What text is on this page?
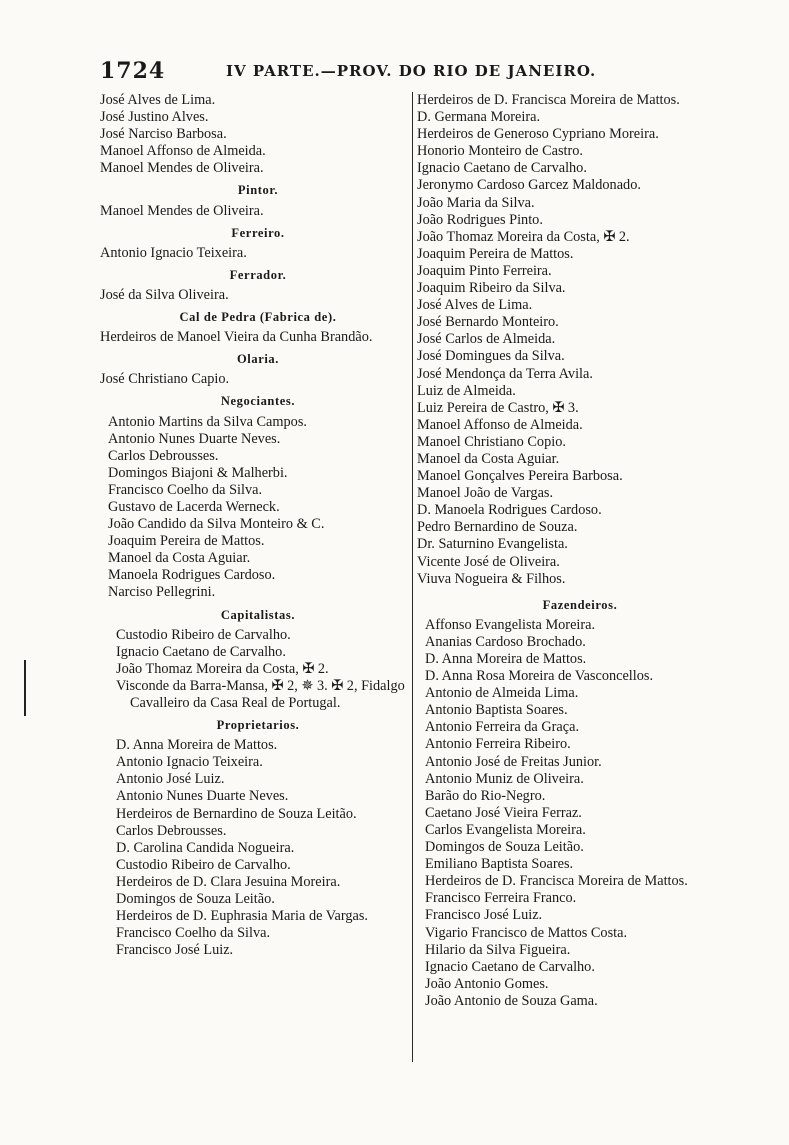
1724	IV PARTE.—PROV. DO RIO DE JANEIRO.
José Alves de Lima.
José Justino Alves.
José Narciso Barbosa.
Manoel Affonso de Almeida.
Manoel Mendes de Oliveira.
Pintor.
Manoel Mendes de Oliveira.
Ferreiro.
Antonio Ignacio Teixeira.
Ferrador.
José da Silva Oliveira.
Cal de Pedra (Fabrica de).
Herdeiros de Manoel Vieira da Cunha Brandão.
Olaria.
José Christiano Capio.
Negociantes.
Antonio Martins da Silva Campos.
Antonio Nunes Duarte Neves.
Carlos Debrousses.
Domingos Biajoni & Malherbi.
Francisco Coelho da Silva.
Gustavo de Lacerda Werneck.
João Candido da Silva Monteiro & C.
Joaquim Pereira de Mattos.
Manoel da Costa Aguiar.
Manoela Rodrigues Cardoso.
Narciso Pellegrini.
Capitalistas.
Custodio Ribeiro de Carvalho.
Ignacio Caetano de Carvalho.
João Thomaz Moreira da Costa, ✠ 2.
Visconde da Barra-Mansa, ✠ 2, ✵ 3. ✠ 2, Fidalgo Cavalleiro da Casa Real de Portugal.
Proprietarios.
D. Anna Moreira de Mattos.
Antonio Ignacio Teixeira.
Antonio José Luiz.
Antonio Nunes Duarte Neves.
Herdeiros de Bernardino de Souza Leitão.
Carlos Debrousses.
D. Carolina Candida Nogueira.
Custodio Ribeiro de Carvalho.
Herdeiros de D. Clara Jesuina Moreira.
Domingos de Souza Leitão.
Herdeiros de D. Euphrasia Maria de Vargas.
Francisco Coelho da Silva.
Francisco José Luiz.
Herdeiros de D. Francisca Moreira de Mattos.
D. Germana Moreira.
Herdeiros de Generoso Cypriano Moreira.
Honorio Monteiro de Castro.
Ignacio Caetano de Carvalho.
Jeronymo Cardoso Garcez Maldonado.
João Maria da Silva.
João Rodrigues Pinto.
João Thomaz Moreira da Costa, ✠ 2.
Joaquim Pereira de Mattos.
Joaquim Pinto Ferreira.
Joaquim Ribeiro da Silva.
José Alves de Lima.
José Bernardo Monteiro.
José Carlos de Almeida.
José Domingues da Silva.
José Mendonça da Terra Avila.
Luiz de Almeida.
Luiz Pereira de Castro, ✠ 3.
Manoel Affonso de Almeida.
Manoel Christiano Copio.
Manoel da Costa Aguiar.
Manoel Gonçalves Pereira Barbosa.
Manoel João de Vargas.
D. Manoela Rodrigues Cardoso.
Pedro Bernardino de Souza.
Dr. Saturnino Evangelista.
Vicente José de Oliveira.
Viuva Nogueira & Filhos.
Fazendeiros.
Affonso Evangelista Moreira.
Ananias Cardoso Brochado.
D. Anna Moreira de Mattos.
D. Anna Rosa Moreira de Vasconcellos.
Antonio de Almeida Lima.
Antonio Baptista Soares.
Antonio Ferreira da Graça.
Antonio Ferreira Ribeiro.
Antonio José de Freitas Junior.
Antonio Muniz de Oliveira.
Barão do Rio-Negro.
Caetano José Vieira Ferraz.
Carlos Evangelista Moreira.
Domingos de Souza Leitão.
Emiliano Baptista Soares.
Herdeiros de D. Francisca Moreira de Mattos.
Francisco Ferreira Franco.
Francisco José Luiz.
Vigario Francisco de Mattos Costa.
Hilario da Silva Figueira.
Ignacio Caetano de Carvalho.
João Antonio Gomes.
João Antonio de Souza Gama.
